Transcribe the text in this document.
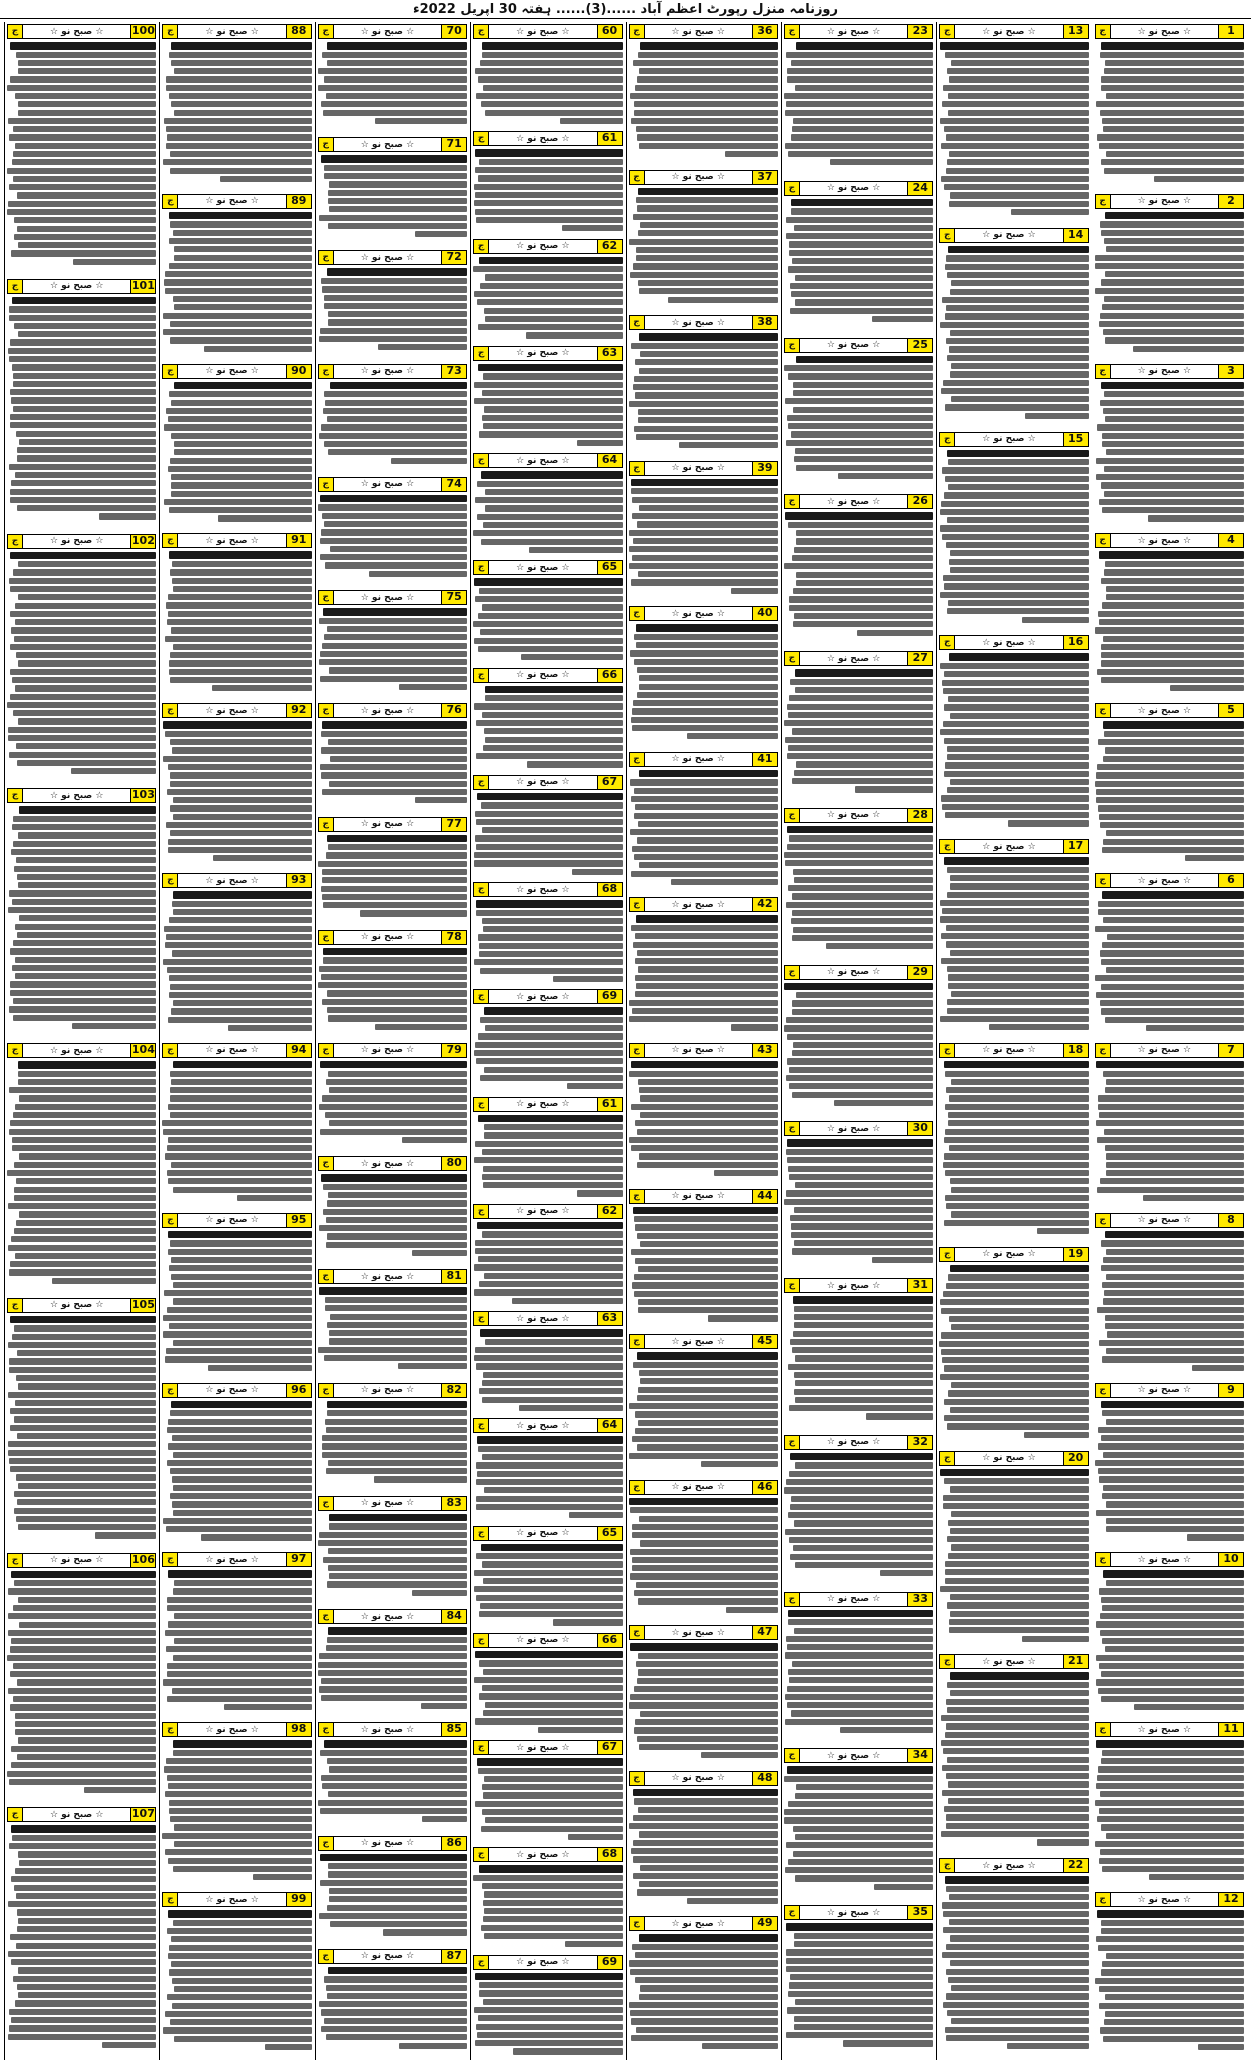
روزنامہ منزل رپورٹ اعظم آباد ......(3)...... ہفتہ 30 اپریل 2022ء
1
☆ صبح نو ☆
ج
2
☆ صبح نو ☆
ج
3
☆ صبح نو ☆
ج
4
☆ صبح نو ☆
ج
5
☆ صبح نو ☆
ج
6
☆ صبح نو ☆
ج
7
☆ صبح نو ☆
ج
8
☆ صبح نو ☆
ج
9
☆ صبح نو ☆
ج
10
☆ صبح نو ☆
ج
11
☆ صبح نو ☆
ج
12
☆ صبح نو ☆
ج
13
☆ صبح نو ☆
ج
14
☆ صبح نو ☆
ج
15
☆ صبح نو ☆
ج
16
☆ صبح نو ☆
ج
17
☆ صبح نو ☆
ج
18
☆ صبح نو ☆
ج
19
☆ صبح نو ☆
ج
20
☆ صبح نو ☆
ج
21
☆ صبح نو ☆
ج
22
☆ صبح نو ☆
ج
23
☆ صبح نو ☆
ج
24
☆ صبح نو ☆
ج
25
☆ صبح نو ☆
ج
26
☆ صبح نو ☆
ج
27
☆ صبح نو ☆
ج
28
☆ صبح نو ☆
ج
29
☆ صبح نو ☆
ج
30
☆ صبح نو ☆
ج
31
☆ صبح نو ☆
ج
32
☆ صبح نو ☆
ج
33
☆ صبح نو ☆
ج
34
☆ صبح نو ☆
ج
35
☆ صبح نو ☆
ج
36
☆ صبح نو ☆
ج
37
☆ صبح نو ☆
ج
38
☆ صبح نو ☆
ج
39
☆ صبح نو ☆
ج
40
☆ صبح نو ☆
ج
41
☆ صبح نو ☆
ج
42
☆ صبح نو ☆
ج
43
☆ صبح نو ☆
ج
44
☆ صبح نو ☆
ج
45
☆ صبح نو ☆
ج
46
☆ صبح نو ☆
ج
47
☆ صبح نو ☆
ج
48
☆ صبح نو ☆
ج
49
☆ صبح نو ☆
ج
60
☆ صبح نو ☆
ج
61
☆ صبح نو ☆
ج
62
☆ صبح نو ☆
ج
63
☆ صبح نو ☆
ج
64
☆ صبح نو ☆
ج
65
☆ صبح نو ☆
ج
66
☆ صبح نو ☆
ج
67
☆ صبح نو ☆
ج
68
☆ صبح نو ☆
ج
69
☆ صبح نو ☆
ج
61
☆ صبح نو ☆
ج
62
☆ صبح نو ☆
ج
63
☆ صبح نو ☆
ج
64
☆ صبح نو ☆
ج
65
☆ صبح نو ☆
ج
66
☆ صبح نو ☆
ج
67
☆ صبح نو ☆
ج
68
☆ صبح نو ☆
ج
69
☆ صبح نو ☆
ج
70
☆ صبح نو ☆
ج
71
☆ صبح نو ☆
ج
72
☆ صبح نو ☆
ج
73
☆ صبح نو ☆
ج
74
☆ صبح نو ☆
ج
75
☆ صبح نو ☆
ج
76
☆ صبح نو ☆
ج
77
☆ صبح نو ☆
ج
78
☆ صبح نو ☆
ج
79
☆ صبح نو ☆
ج
80
☆ صبح نو ☆
ج
81
☆ صبح نو ☆
ج
82
☆ صبح نو ☆
ج
83
☆ صبح نو ☆
ج
84
☆ صبح نو ☆
ج
85
☆ صبح نو ☆
ج
86
☆ صبح نو ☆
ج
87
☆ صبح نو ☆
ج
88
☆ صبح نو ☆
ج
89
☆ صبح نو ☆
ج
90
☆ صبح نو ☆
ج
91
☆ صبح نو ☆
ج
92
☆ صبح نو ☆
ج
93
☆ صبح نو ☆
ج
94
☆ صبح نو ☆
ج
95
☆ صبح نو ☆
ج
96
☆ صبح نو ☆
ج
97
☆ صبح نو ☆
ج
98
☆ صبح نو ☆
ج
99
☆ صبح نو ☆
ج
100
☆ صبح نو ☆
ج
101
☆ صبح نو ☆
ج
102
☆ صبح نو ☆
ج
103
☆ صبح نو ☆
ج
104
☆ صبح نو ☆
ج
105
☆ صبح نو ☆
ج
106
☆ صبح نو ☆
ج
107
☆ صبح نو ☆
ج
